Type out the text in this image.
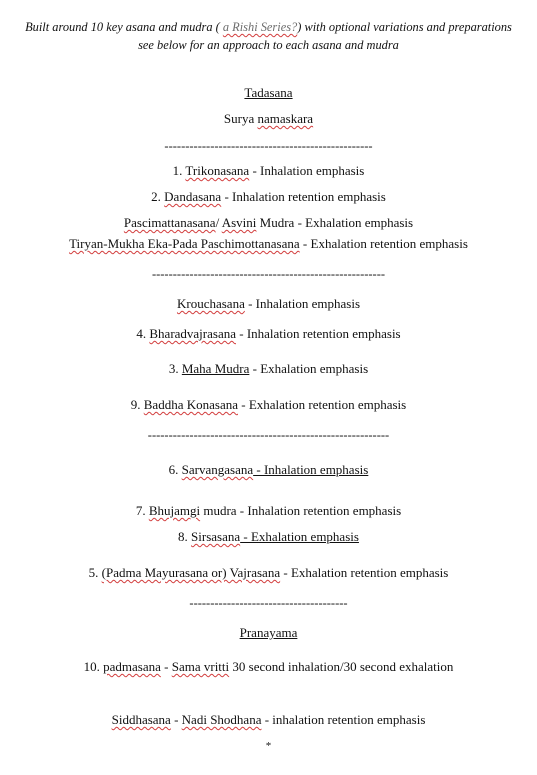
Built around 10 key asana and mudra ( a Rishi Series?) with optional variations and preparations
see below for an approach to each asana and mudra
Tadasana
Surya namaskara
--------------------------------------------------
1. Trikonasana - Inhalation emphasis
2. Dandasana - Inhalation retention emphasis
Pascimattanasana/ Asvini Mudra - Exhalation emphasis
Tiryan-Mukha Eka-Pada Paschimottanasana - Exhalation retention emphasis
--------------------------------------------------------
Krouchasana - Inhalation emphasis
4. Bharadvajrasana - Inhalation retention emphasis
3. Maha Mudra - Exhalation emphasis
9. Baddha Konasana - Exhalation retention emphasis
----------------------------------------------------------
6. Sarvangasana - Inhalation emphasis
7. Bhujamgi mudra - Inhalation retention emphasis
8. Sirsasana - Exhalation emphasis
5. (Padma Mayurasana or) Vajrasana - Exhalation retention emphasis
--------------------------------------
Pranayama
10. padmasana - Sama vritti 30 second inhalation/30 second exhalation
Siddhasana - Nadi Shodhana - inhalation retention emphasis
*
